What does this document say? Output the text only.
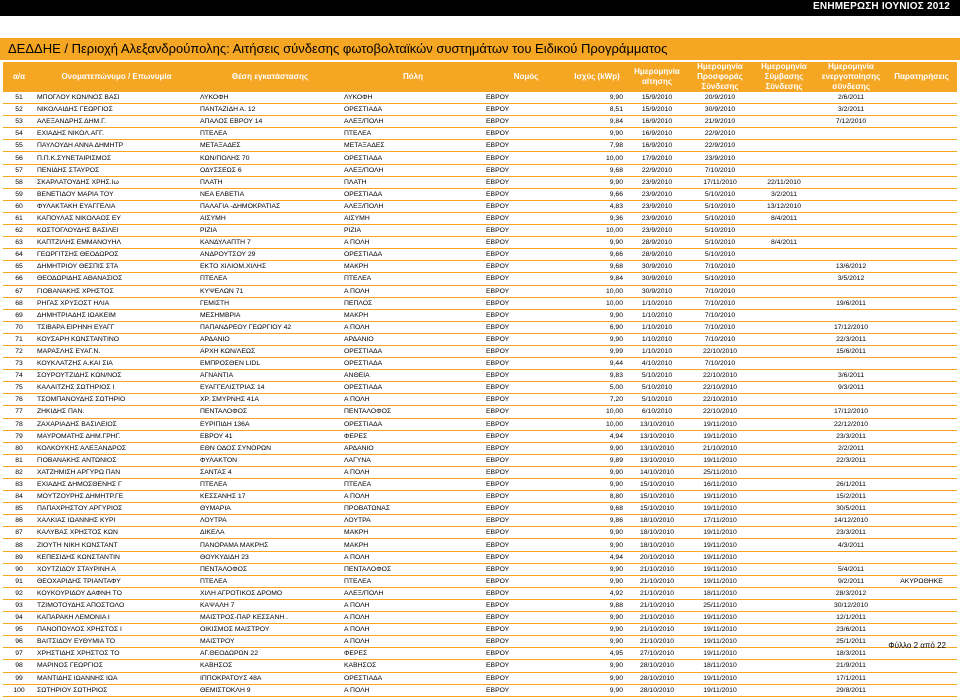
ΕΝΗΜΕΡΩΣΗ ΙΟΥΝΙΟΣ 2012
ΔΕΔΔΗΕ / Περιοχή Αλεξανδρούπολης: Αιτήσεις σύνδεσης φωτοβολταϊκών συστημάτων του Ειδικού Προγράμματος
α/α	Ονοματεπώνυμο / Επωνυμία	Θέση εγκατάστασης	Πόλη	Νομός	Ισχύς (kWp)	Ημερομηνία αίτησης	Ημερομηνία Προσφοράς Σύνδεσης	Ημερομηνία Σύμβασης Σύνδεσης	Ημερομηνία ενεργοποίησης σύνδεσης	Παρατηρήσεις
51	ΜΠΟΓΛΟΥ ΚΩΝ/ΝΟΣ ΒΑΣΙ	ΛΥΚΟΦΗ	ΛΥΚΟΦΗ	ΕΒΡΟΥ	9,90	15/9/2010	20/9/2010		2/6/2011	
52	ΝΙΚΟΛΑΙΔΗΣ ΓΕΩΡΓΙΟΣ	ΠΑΝΤΑΖΙΔΗ Α. 12	ΟΡΕΣΤΙΑΔΑ	ΕΒΡΟΥ	8,51	15/9/2010	30/9/2010		3/2/2011	
53	ΑΛΕΞΑΝΔΡΗΣ ΔΗΜ.Γ.	ΑΠΑΛΟΣ ΕΒΡΟΥ 14	ΑΛΕΞ/ΠΟΛΗ	ΕΒΡΟΥ	9,84	16/9/2010	21/9/2010		7/12/2010	
54	ΕΧΙΑΔΗΣ ΝΙΚΟΛ.ΑΓΓ.	ΠΤΕΛΕΑ	ΠΤΕΛΕΑ	ΕΒΡΟΥ	9,90	16/9/2010	22/9/2010			
55	ΠΑΥΛΟΥΔΗ ΑΝΝΑ ΔΗΜΗΤΡ	ΜΕΤΑΞΑΔΕΣ	ΜΕΤΑΞΑΔΕΣ	ΕΒΡΟΥ	7,98	16/9/2010	22/9/2010			
56	Π.Π.Κ.ΣΥΝΕΤΑΙΡΙΣΜΟΣ	ΚΩΝ/ΠΟΛΗΣ 70	ΟΡΕΣΤΙΑΔΑ	ΕΒΡΟΥ	10,00	17/9/2010	23/9/2010			
57	ΠΕΝΙΔΗΣ ΣΤΑΥΡΟΣ	ΟΔΥΣΣΕΩΣ 6	ΑΛΕΞ/ΠΟΛΗ	ΕΒΡΟΥ	9,68	22/9/2010	7/10/2010			
58	ΣΚΑΡΛΑΤΟΥΔΗΣ ΧΡΗΣ.Ιω	ΠΛΑΤΗ	ΠΛΑΤΗ	ΕΒΡΟΥ	9,90	23/9/2010	17/11/2010	22/11/2010		
59	ΒΕΝΕΤΙΔΟΥ ΜΑΡΙΑ ΤΟΥ	ΝΕΑ ΕΛΒΕΤΙΑ	ΟΡΕΣΤΙΑΔΑ	ΕΒΡΟΥ	9,66	23/9/2010	5/10/2010	3/2/2011		
60	ΦΥΛΑΚΤΑΚΗ ΕΥΑΓΓΕΛΙΑ	ΠΑΛΑΓΙΑ -ΔΗΜΟΚΡΑΤΙΑΣ	ΑΛΕΞ/ΠΟΛΗ	ΕΒΡΟΥ	4,83	23/9/2010	5/10/2010	13/12/2010		
61	ΚΑΠΟΥΛΑΣ ΝΙΚΟΛΑΟΣ ΕΥ	ΑΙΣΥΜΗ	ΑΙΣΥΜΗ	ΕΒΡΟΥ	9,36	23/9/2010	5/10/2010	8/4/2011		
62	ΚΩΣΤΟΓΛΟΥΔΗΣ ΒΑΣΙΛΕΙ	ΡΙΖΙΑ	ΡΙΖΙΑ	ΕΒΡΟΥ	10,00	23/9/2010	5/10/2010			
63	ΚΑΠΤΖΙΛΗΣ ΕΜΜΑΝΟΥΗΛ	ΚΑΝΔΥΛΑΠΤΗ 7	Α ΠΟΛΗ	ΕΒΡΟΥ	9,90	28/9/2010	5/10/2010	8/4/2011		
64	ΓΕΩΡΓΙΤΣΗΣ ΘΕΟΔΩΡΟΣ	ΑΝΔΡΟΥΤΣΟΥ 29	ΟΡΕΣΤΙΑΔΑ	ΕΒΡΟΥ	9,66	28/9/2010	5/10/2010			
65	ΔΗΜΗΤΡΙΟΥ ΘΕΣΠΙΣ ΣΤΑ	ΕΚΤΟ ΧΙΛΙΟΜ.ΧΙΛΗΣ	ΜΑΚΡΗ	ΕΒΡΟΥ	9,68	30/9/2010	7/10/2010		13/6/2012	
66	ΘΕΟΔΩΡΙΔΗΣ ΑΘΑΝΑΣΙΟΣ	ΠΤΕΛΕΑ	ΠΤΕΛΕΑ	ΕΒΡΟΥ	9,84	30/9/2010	5/10/2010		3/5/2012	
67	ΓΙΟΒΑΝΑΚΗΣ ΧΡΗΣΤΟΣ	ΚΥΨΕΛΩΝ 71	Α ΠΟΛΗ	ΕΒΡΟΥ	10,00	30/9/2010	7/10/2010			
68	ΡΗΓΑΣ ΧΡΥΣΟΣΤ ΗΛΙΑ	ΓΕΜΙΣΤΗ	ΠΕΠΛΟΣ	ΕΒΡΟΥ	10,00	1/10/2010	7/10/2010		19/6/2011	
69	ΔΗΜΗΤΡΙΑΔΗΣ ΙΩΑΚΕΙΜ	ΜΕΣΗΜΒΡΙΑ	ΜΑΚΡΗ	ΕΒΡΟΥ	9,90	1/10/2010	7/10/2010			
70	ΤΣΙΒΑΡΑ ΕΙΡΗΝΗ ΕΥΑΓΓ	ΠΑΠΑΝΔΡΕΟΥ ΓΕΩΡΓΙΟΥ 42	Α ΠΟΛΗ	ΕΒΡΟΥ	6,90	1/10/2010	7/10/2010		17/12/2010	
71	ΚΟΥΣΑΡΗ ΚΩΝΣΤΑΝΤΙΝΟ	ΑΡΔΑΝΙΟ	ΑΡΔΑΝΙΟ	ΕΒΡΟΥ	9,90	1/10/2010	7/10/2010		22/3/2011	
72	ΜΑΡΑΣΛΗΣ ΕΥΑΓ.Ν.	ΑΡΧΗ ΚΩΝ/ΛΕΩΣ	ΟΡΕΣΤΙΑΔΑ	ΕΒΡΟΥ	9,99	1/10/2010	22/10/2010		15/6/2011	
73	ΚΟΥΚΛΑΤΖΗΣ Α.ΚΑΙ ΣΙΑ	ΕΜΠΡΟΣΘΕΝ LIDL	ΟΡΕΣΤΙΑΔΑ	ΕΒΡΟΥ	9,44	4/10/2010	7/10/2010			
74	ΣΟΥΡΟΥΤΖΙΔΗΣ ΚΩΝ/ΝΟΣ	ΑΓΝΑΝΤΙΑ	ΑΝΘΕΙΑ	ΕΒΡΟΥ	9,83	5/10/2010	22/10/2010		3/6/2011	
75	ΚΑΛΑΙΤΖΗΣ ΣΩΤΗΡΙΟΣ Ι	ΕΥΑΓΓΕΛΙΣΤΡΙΑΣ 14	ΟΡΕΣΤΙΑΔΑ	ΕΒΡΟΥ	5,00	5/10/2010	22/10/2010		9/3/2011	
76	ΤΣΟΜΠΑΝΟΥΔΗΣ ΣΩΤΗΡΙΟ	ΧΡ. ΣΜΥΡΝΗΣ 41Α	Α ΠΟΛΗ	ΕΒΡΟΥ	7,20	5/10/2010	22/10/2010			
77	ΖΗΚΙΔΗΣ ΠΑΝ.	ΠΕΝΤΑΛΟΦΟΣ	ΠΕΝΤΑΛΟΦΟΣ	ΕΒΡΟΥ	10,00	6/10/2010	22/10/2010		17/12/2010	
78	ΖΑΧΑΡΙΑΔΗΣ ΒΑΣΙΛΕΙΟΣ	ΕΥΡΙΠΙΔΗ 136Α	ΟΡΕΣΤΙΑΔΑ	ΕΒΡΟΥ	10,00	13/10/2010	19/11/2010		22/12/2010	
79	ΜΑΥΡΟΜΑΤΗΣ ΔΗΜ.ΓΡΗΓ.	ΕΒΡΟΥ 41	ΦΕΡΕΣ	ΕΒΡΟΥ	4,94	13/10/2010	19/11/2010		23/3/2011	
80	ΚΟΛΚΟΥΚΗΣ ΑΛΕΞΑΝΔΡΟΣ	ΕΘΝ ΟΔΟΣ ΣΥΝΟΡΩΝ	ΑΡΔΑΝΙΟ	ΕΒΡΟΥ	9,90	13/10/2010	21/10/2010		2/2/2011	
81	ΓΙΟΒΑΝΑΚΗΣ ΑΝΤΩΝΙΟΣ	ΦΥΛΑΚΤΟΝ	ΛΑΓΥΝΑ	ΕΒΡΟΥ	9,89	13/10/2010	19/11/2010		22/3/2011	
82	ΧΑΤΖΗΜΙΣΗ ΑΡΓΥΡΩ ΠΑΝ	ΣΑΝΤΑΣ 4	Α ΠΟΛΗ	ΕΒΡΟΥ	9,90	14/10/2010	25/11/2010			
83	ΕΧΙΑΔΗΣ ΔΗΜΟΣΘΕΝΗΣ Γ	ΠΤΕΛΕΑ	ΠΤΕΛΕΑ	ΕΒΡΟΥ	9,90	15/10/2010	16/11/2010		26/1/2011	
84	ΜΟΥΤΖΟΥΡΗΣ ΔΗΜΗΤΡ.ΓΕ	ΚΕΣΣΑΝΗΣ 17	Α ΠΟΛΗ	ΕΒΡΟΥ	8,80	15/10/2010	19/11/2010		15/2/2011	
85	ΠΑΠΑΧΡΗΣΤΟΥ ΑΡΓΥΡΙΟΣ	ΘΥΜΑΡΙΑ	ΠΡΟΒΑΤΩΝΑΣ	ΕΒΡΟΥ	9,68	15/10/2010	19/11/2010		30/5/2011	
86	ΧΑΛΚΙΑΣ ΙΩΑΝΝΗΣ ΚΥΡΙ	ΛΟΥΤΡΑ	ΛΟΥΤΡΑ	ΕΒΡΟΥ	9,86	18/10/2010	17/11/2010		14/12/2010	
87	ΚΑΛΥΒΑΣ ΧΡΗΣΤΟΣ ΚΩΝ	ΔΙΚΕΛΑ	ΜΑΚΡΗ	ΕΒΡΟΥ	9,90	18/10/2010	19/11/2010		23/3/2011	
88	ΖΙΟΥΤΗ ΝΙΚΗ ΚΩΝΣΤΑΝΤ	ΠΑΝΟΡΑΜΑ ΜΑΚΡΗΣ	ΜΑΚΡΗ	ΕΒΡΟΥ	9,90	18/10/2010	19/11/2010		4/3/2011	
89	ΚΕΠΕΣΙΔΗΣ ΚΩΝΣΤΑΝΤΙΝ	ΘΟΥΚΥΔΙΔΗ 23	Α ΠΟΛΗ	ΕΒΡΟΥ	4,94	20/10/2010	19/11/2010			
90	ΧΟΥΤΖΙΔΟΥ ΣΤΑΥΡΙΝΗ Α	ΠΕΝΤΑΛΟΦΟΣ	ΠΕΝΤΑΛΟΦΟΣ	ΕΒΡΟΥ	9,90	21/10/2010	19/11/2010		5/4/2011	
91	ΘΕΟΧΑΡΙΔΗΣ ΤΡΙΑΝΤΑΦΥ	ΠΤΕΛΕΑ	ΠΤΕΛΕΑ	ΕΒΡΟΥ	9,90	21/10/2010	19/11/2010		9/2/2011	ΑΚΥΡΩΘΗΚΕ
92	ΚΟΥΚΟΥΡΙΔΟΥ ΔΑΦΝΗ ΤΟ	ΧΙΛΗ ΑΓΡΟΤΙΚΟΣ ΔΡΟΜΟ	ΑΛΕΞ/ΠΟΛΗ	ΕΒΡΟΥ	4,92	21/10/2010	18/11/2010		28/3/2012	
93	ΤΖΙΜΟΤΟΥΔΗΣ ΑΠΟΣΤΟΛΟ	ΚΑΨΑΛΗ 7	Α ΠΟΛΗ	ΕΒΡΟΥ	9,88	21/10/2010	25/11/2010		30/12/2010	
94	ΚΑΠΑΡΑΚΗ ΛΕΜΟΝΙΑ Ι	ΜΑΙΣΤΡΟΣ-ΠΑΡ ΚΕΣΣΑΝΗ .	Α ΠΟΛΗ	ΕΒΡΟΥ	9,90	21/10/2010	19/11/2010		12/1/2011	
95	ΠΑΝΟΠΟΥΛΟΣ ΧΡΗΣΤΟΣ Ι	ΟΙΚΙΣΜΟΣ ΜΑΙΣΤΡΟΥ	Α ΠΟΛΗ	ΕΒΡΟΥ	9,90	21/10/2010	19/11/2010		23/6/2011	
96	ΒΑΙΤΣΙΔΟΥ ΕΥΘΥΜΙΑ ΤΟ	ΜΑΙΣΤΡΟΥ	Α ΠΟΛΗ	ΕΒΡΟΥ	9,90	21/10/2010	19/11/2010		25/1/2011	
97	ΧΡΗΣΤΙΔΗΣ ΧΡΗΣΤΟΣ ΤΟ	ΑΓ.ΘΕΟΔΩΡΩΝ 22	ΦΕΡΕΣ	ΕΒΡΟΥ	4,95	27/10/2010	19/11/2010		18/3/2011	
98	ΜΑΡΙΝΟΣ ΓΕΩΡΓΙΟΣ	ΚΑΒΗΣΟΣ	ΚΑΒΗΣΟΣ	ΕΒΡΟΥ	9,90	28/10/2010	18/11/2010		21/9/2011	
99	ΜΑΝΤΙΔΗΣ ΙΩΑΝΝΗΣ ΙΩΑ	ΙΠΠΟΚΡΑΤΟΥΣ 48Α	ΟΡΕΣΤΙΑΔΑ	ΕΒΡΟΥ	9,90	28/10/2010	19/11/2010		17/1/2011	
100	ΣΩΤΗΡΙΟΥ ΣΩΤΗΡΙΟΣ	ΘΕΜΙΣΤΟΚΛΗ 9	Α ΠΟΛΗ	ΕΒΡΟΥ	9,90	28/10/2010	19/11/2010		29/8/2011	
Φύλλο 2 από 22
